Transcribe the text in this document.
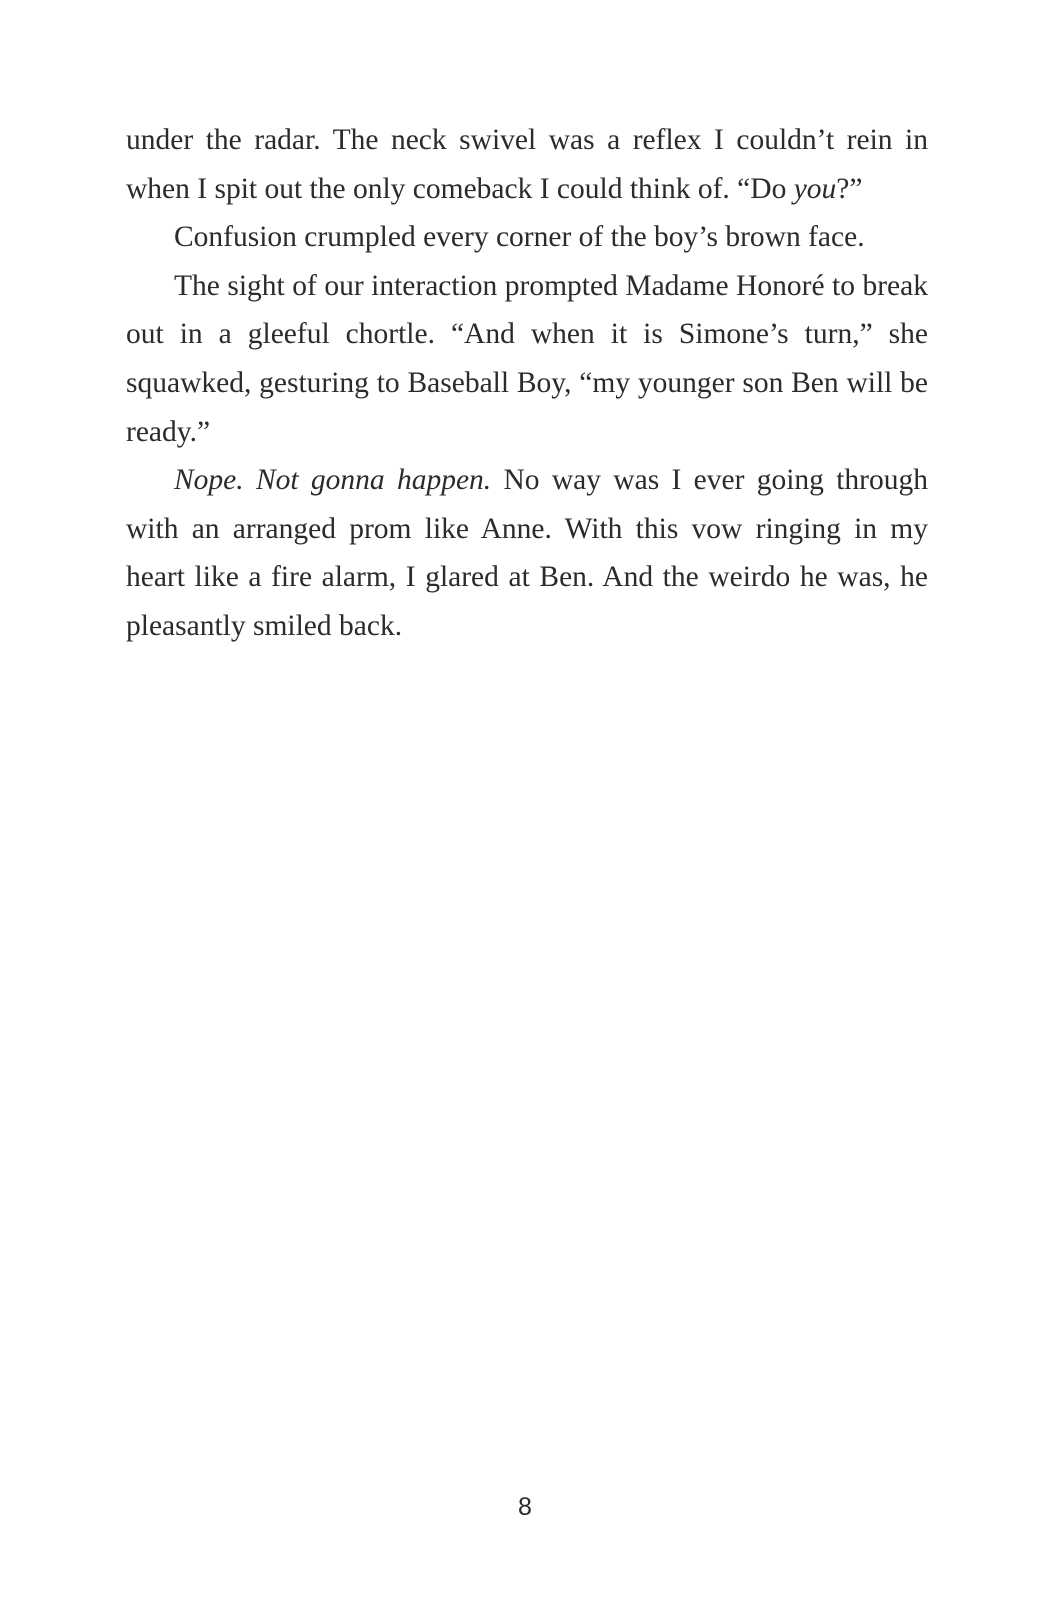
under the radar. The neck swivel was a reflex I couldn’t rein in when I spit out the only comeback I could think of. “Do you?”

Confusion crumpled every corner of the boy’s brown face.

The sight of our interaction prompted Madame Honoré to break out in a gleeful chortle. “And when it is Simone’s turn,” she squawked, gesturing to Baseball Boy, “my younger son Ben will be ready.”

Nope. Not gonna happen. No way was I ever going through with an arranged prom like Anne. With this vow ringing in my heart like a fire alarm, I glared at Ben. And the weirdo he was, he pleasantly smiled back.

8
